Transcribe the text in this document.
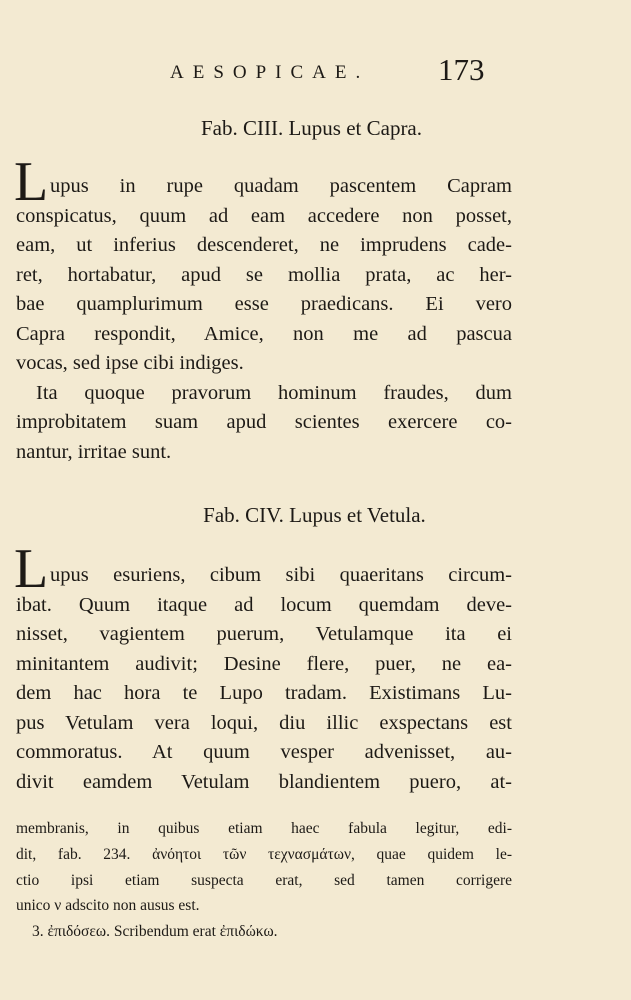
AESOPICAE. 173
Fab. CIII. Lupus et Capra.
L upus in rupe quadam pascentem Capram
conspicatus, quum ad eam accedere non posset,
eam, ut inferius descenderet, ne imprudens cade-
ret, hortabatur, apud se mollia prata, ac her-
bae quamplurimum esse praedicans. Ei vero
Capra respondit, Amice, non me ad pascua
vocas, sed ipse cibi indiges.
Ita quoque pravorum hominum fraudes, dum
improbitatem suam apud scientes exercere co-
nantur, irritae sunt.
Fab. CIV. Lupus et Vetula.
L upus esuriens, cibum sibi quaeritans circum-
ibat. Quum itaque ad locum quemdam deve-
nisset, vagientem puerum, Vetulamque ita ei
minitantem audivit; Desine flere, puer, ne ea-
dem hac hora te Lupo tradam. Existimans Lu-
pus Vetulam vera loqui, diu illic exspectans est
commoratus. At quum vesper advenisset, au-
divit eamdem Vetulam blandientem puero, at-
membranis, in quibus etiam haec fabula legitur, edi-
dit, fab. 234. ἀνόητοι τῶν τεχνασμάτων, quae quidem le-
ctio ipsi etiam suspecta erat, sed tamen corrigere
unico ν adscito non ausus est.
3. ἐπιδόσεω. Scribendum erat ἐπιδώκω.
